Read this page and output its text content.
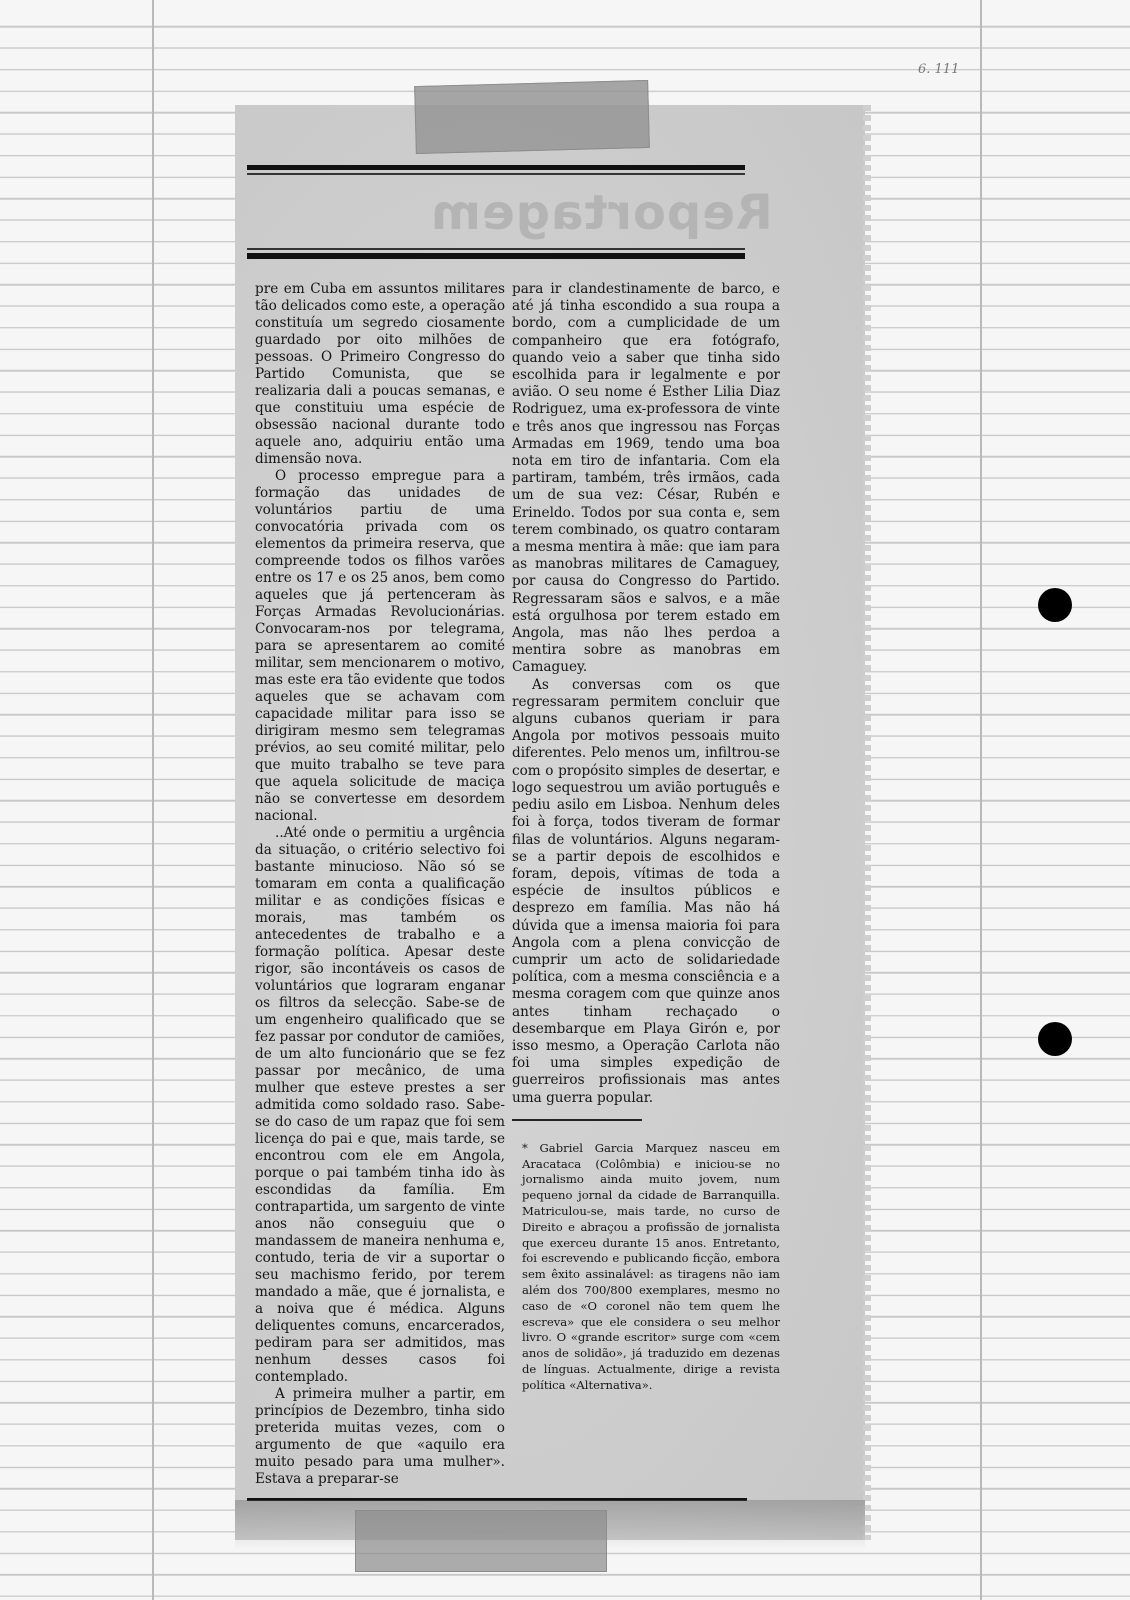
6. 111
Reportagem

pre em Cuba em assuntos militares tão delicados como este, a operação constituía um segredo ciosamente guardado por oito milhões de pessoas. O Primeiro Congresso do Partido Comunista, que se realizaria dali a poucas semanas, e que constituiu uma espécie de obsessão nacional durante todo aquele ano, adquiriu então uma dimensão nova.

O processo empregue para a formação das unidades de voluntários partiu de uma convocatória privada com os elementos da primeira reserva, que compreende todos os filhos varões entre os 17 e os 25 anos, bem como aqueles que já pertenceram às Forças Armadas Revolucionárias. Convocaram-nos por telegrama, para se apresentarem ao comité militar, sem mencionarem o motivo, mas este era tão evidente que todos aqueles que se achavam com capacidade militar para isso se dirigiram mesmo sem telegramas prévios, ao seu comité militar, pelo que muito trabalho se teve para que aquela solicitude de maciça não se convertesse em desordem nacional.

..Até onde o permitiu a urgência da situação, o critério selectivo foi bastante minucioso. Não só se tomaram em conta a qualificação militar e as condições físicas e morais, mas também os antecedentes de trabalho e a formação política. Apesar deste rigor, são incontáveis os casos de voluntários que lograram enganar os filtros da selecção. Sabe-se de um engenheiro qualificado que se fez passar por condutor de camiões, de um alto funcionário que se fez passar por mecânico, de uma mulher que esteve prestes a ser admitida como soldado raso. Sabe-se do caso de um rapaz que foi sem licença do pai e que, mais tarde, se encontrou com ele em Angola, porque o pai também tinha ido às escondidas da família. Em contrapartida, um sargento de vinte anos não conseguiu que o mandassem de maneira nenhuma e, contudo, teria de vir a suportar o seu machismo ferido, por terem mandado a mãe, que é jornalista, e a noiva que é médica. Alguns deliquentes comuns, encarcerados, pediram para ser admitidos, mas nenhum desses casos foi contemplado.

A primeira mulher a partir, em princípios de Dezembro, tinha sido preterida muitas vezes, com o argumento de que «aquilo era muito pesado para uma mulher». Estava a preparar-se

para ir clandestinamente de barco, e até já tinha escondido a sua roupa a bordo, com a cumplicidade de um companheiro que era fotógrafo, quando veio a saber que tinha sido escolhida para ir legalmente e por avião. O seu nome é Esther Lilia Diaz Rodriguez, uma ex-professora de vinte e três anos que ingressou nas Forças Armadas em 1969, tendo uma boa nota em tiro de infantaria. Com ela partiram, também, três irmãos, cada um de sua vez: César, Rubén e Erineldo. Todos por sua conta e, sem terem combinado, os quatro contaram a mesma mentira à mãe: que iam para as manobras militares de Camaguey, por causa do Congresso do Partido. Regressaram sãos e salvos, e a mãe está orgulhosa por terem estado em Angola, mas não lhes perdoa a mentira sobre as manobras em Camaguey.

As conversas com os que regressaram permitem concluir que alguns cubanos queriam ir para Angola por motivos pessoais muito diferentes. Pelo menos um, infiltrou-se com o propósito simples de desertar, e logo sequestrou um avião português e pediu asilo em Lisboa. Nenhum deles foi à força, todos tiveram de formar filas de voluntários. Alguns negaram-se a partir depois de escolhidos e foram, depois, vítimas de toda a espécie de insultos públicos e desprezo em família. Mas não há dúvida que a imensa maioria foi para Angola com a plena convicção de cumprir um acto de solidariedade política, com a mesma consciência e a mesma coragem com que quinze anos antes tinham rechaçado o desembarque em Playa Girón e, por isso mesmo, a Operação Carlota não foi uma simples expedição de guerreiros profissionais mas antes uma guerra popular.

* Gabriel Garcia Marquez nasceu em Aracataca (Colômbia) e iniciou-se no jornalismo ainda muito jovem, num pequeno jornal da cidade de Barranquilla. Matriculou-se, mais tarde, no curso de Direito e abraçou a profissão de jornalista que exerceu durante 15 anos. Entretanto, foi escrevendo e publicando ficção, embora sem êxito assinalável: as tiragens não iam além dos 700/800 exemplares, mesmo no caso de «O coronel não tem quem lhe escreva» que ele considera o seu melhor livro. O «grande escritor» surge com «cem anos de solidão», já traduzido em dezenas de línguas. Actualmente, dirige a revista política «Alternativa».
